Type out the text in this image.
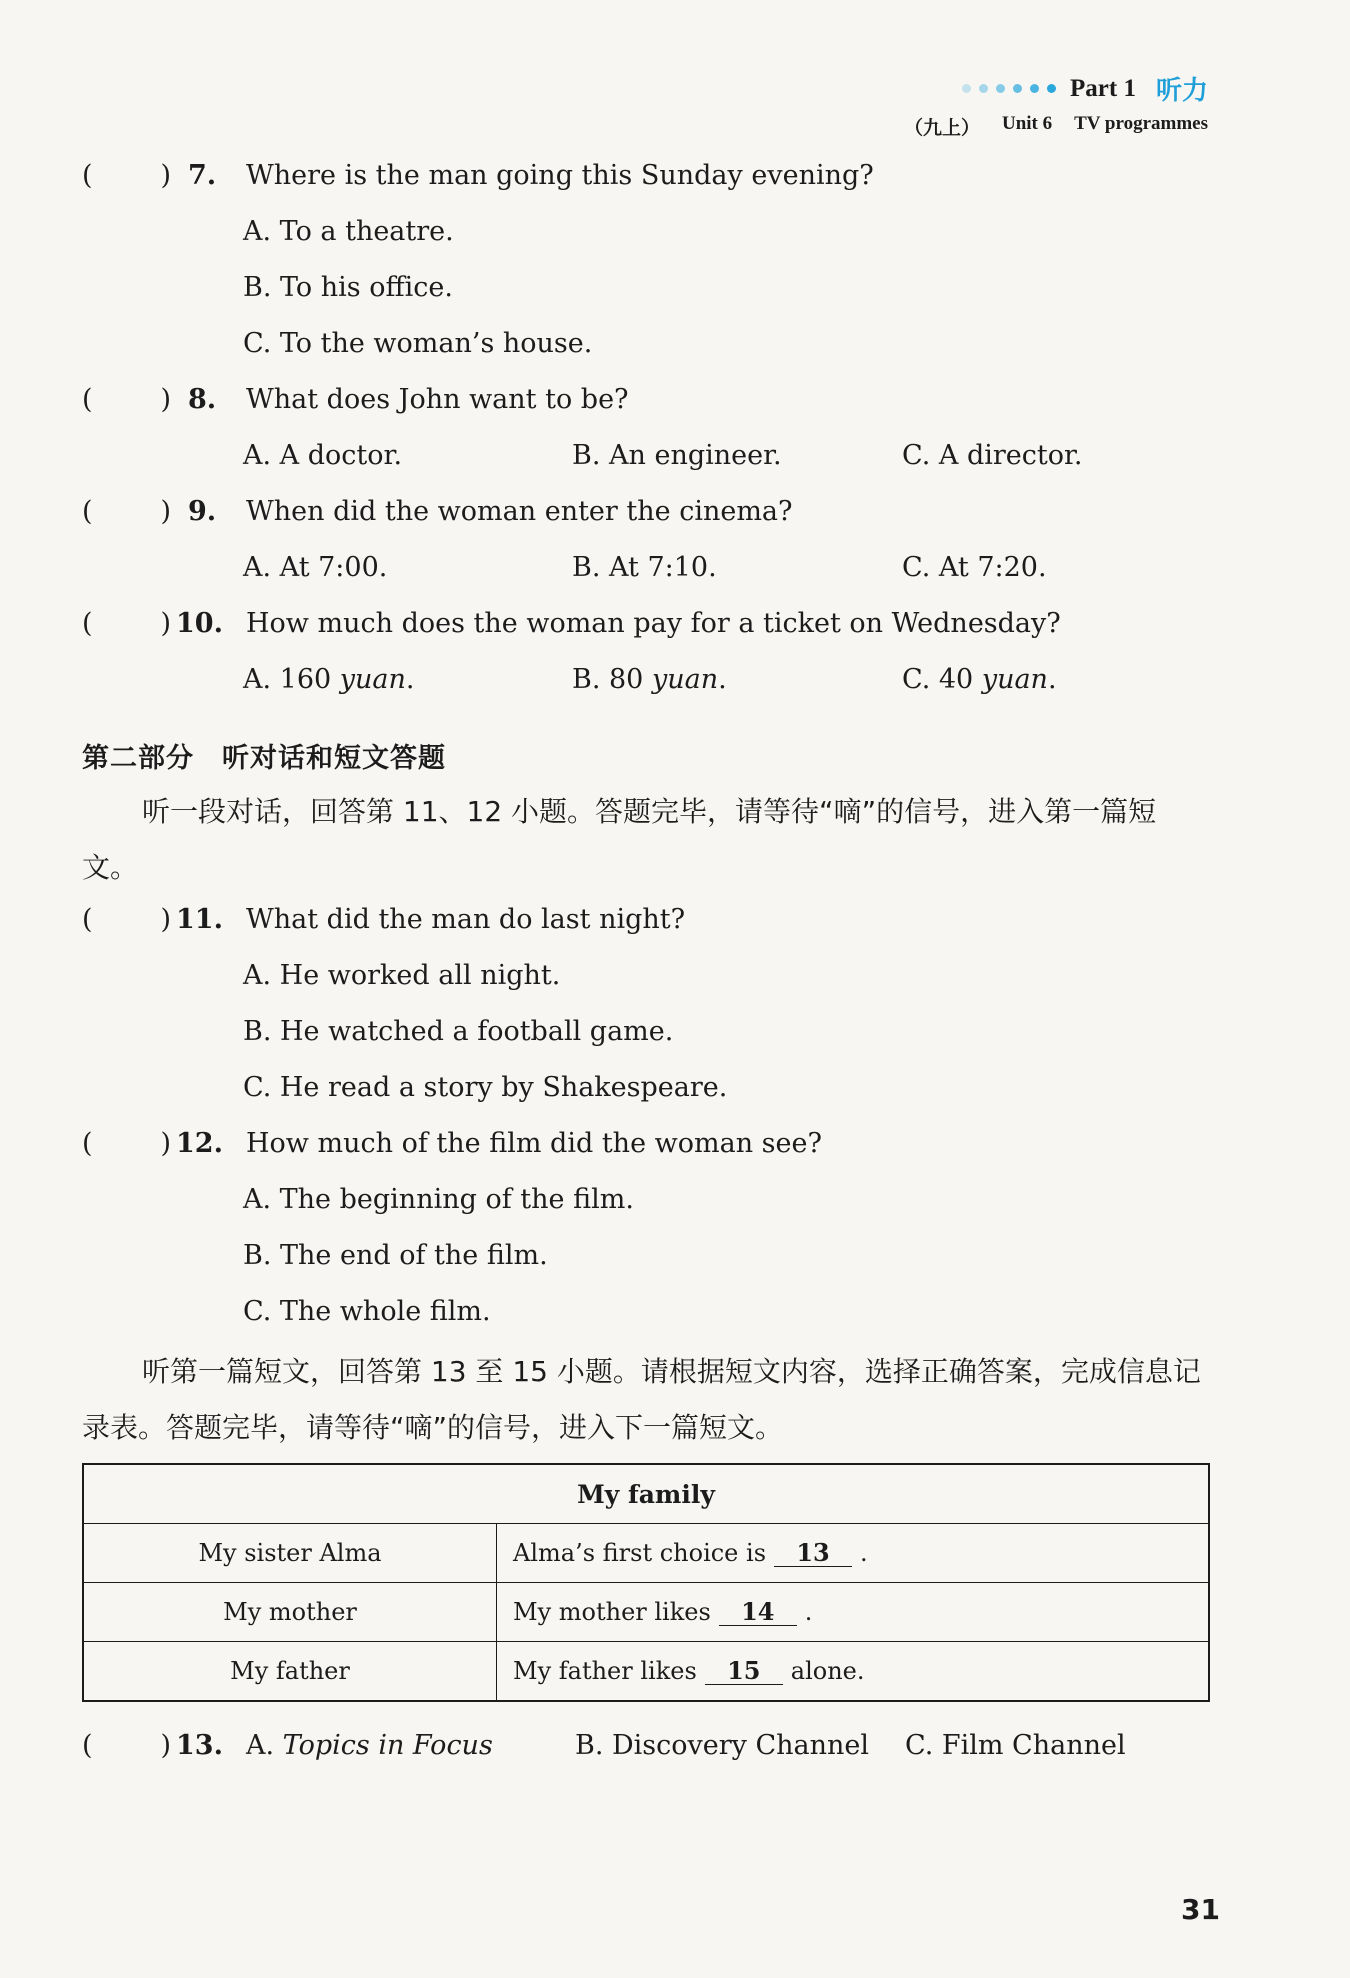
Part 1 听力
（九上） Unit 6 TV programmes
(	) 7. Where is the man going this Sunday evening?
A. To a theatre.
B. To his office.
C. To the woman’s house.
(	) 8. What does John want to be?
A. A doctor.	B. An engineer.	C. A director.
(	) 9. When did the woman enter the cinema?
A. At 7:00.	B. At 7:10.	C. At 7:20.
(	) 10. How much does the woman pay for a ticket on Wednesday?
A. 160 yuan.	B. 80 yuan.	C. 40 yuan.
第二部分　听对话和短文答题
听一段对话，回答第 11、12 小题。答题完毕，请等待“嘀”的信号，进入第一篇短文。
(	) 11. What did the man do last night?
A. He worked all night.
B. He watched a football game.
C. He read a story by Shakespeare.
(	) 12. How much of the film did the woman see?
A. The beginning of the film.
B. The end of the film.
C. The whole film.
听第一篇短文，回答第 13 至 15 小题。请根据短文内容，选择正确答案，完成信息记录表。答题完毕，请等待“嘀”的信号，进入下一篇短文。
My family	
My sister Alma	Alma’s first choice is 13 .
My mother	My mother likes 14 .
My father	My father likes 15 alone.
(	) 13. A. Topics in Focus	B. Discovery Channel C. Film Channel
31
